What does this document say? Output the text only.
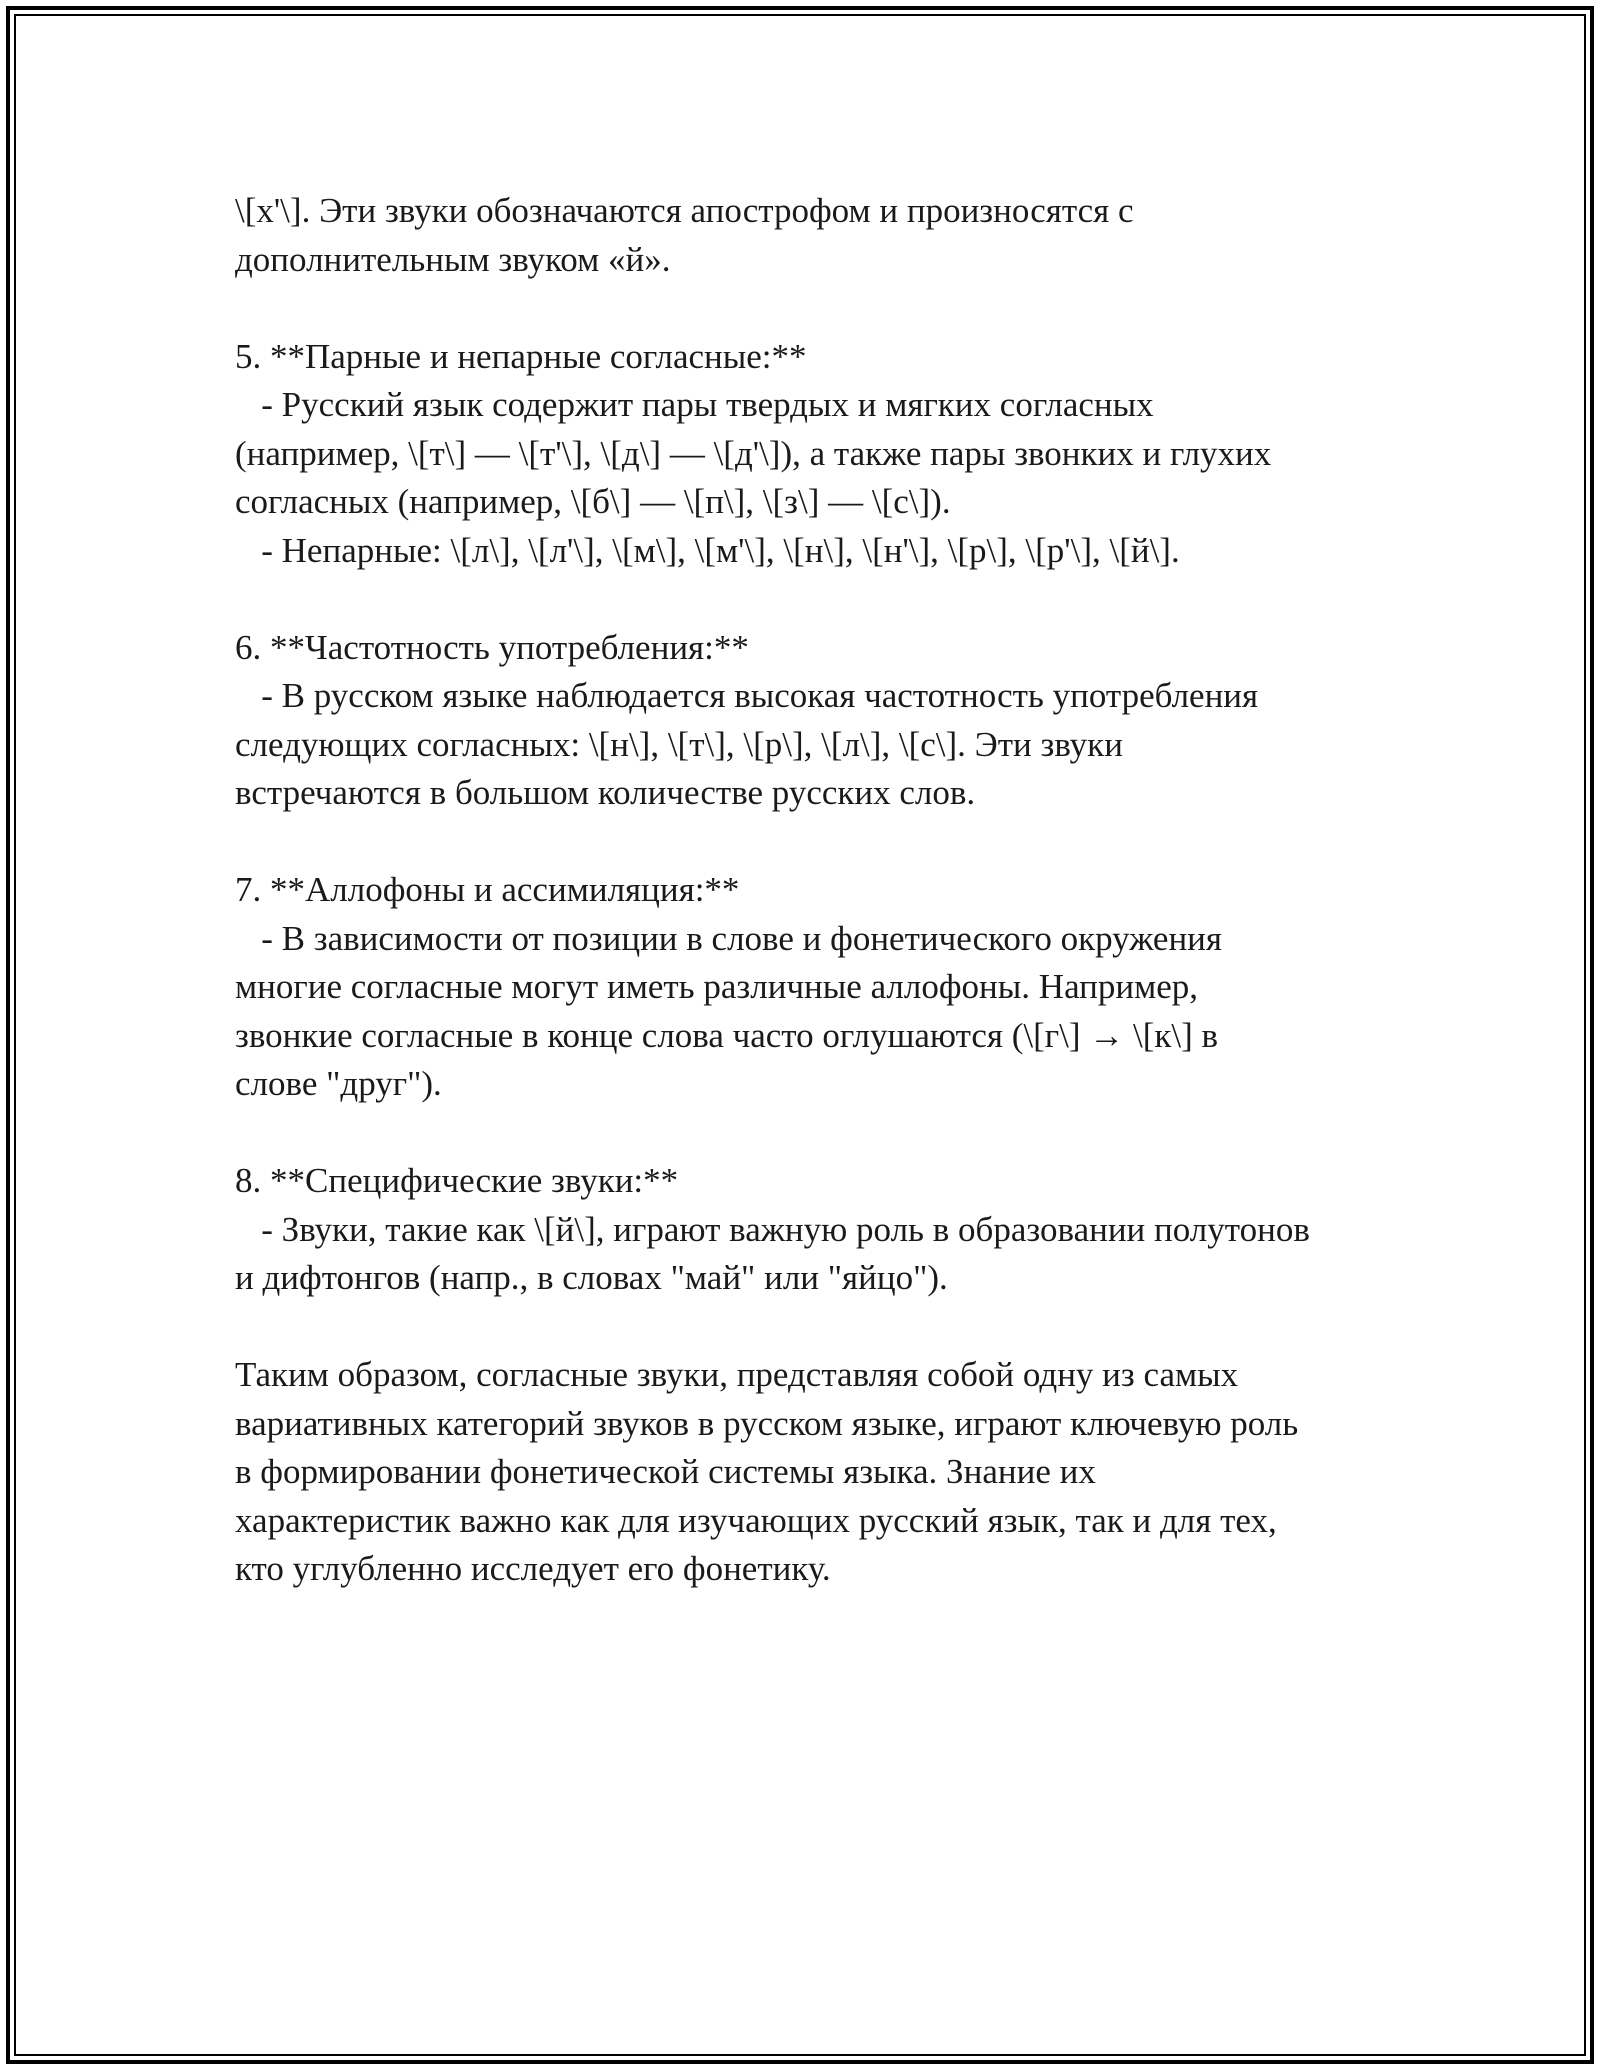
\[х'\]. Эти звуки обозначаются апострофом и произносятся с
дополнительным звуком «й».
5. **Парные и непарные согласные:**
- Русский язык содержит пары твердых и мягких согласных
(например, \[т\] — \[т'\], \[д\] — \[д'\]), а также пары звонких и глухих
согласных (например, \[б\] — \[п\], \[з\] — \[с\]).
- Непарные: \[л\], \[л'\], \[м\], \[м'\], \[н\], \[н'\], \[р\], \[р'\], \[й\].
6. **Частотность употребления:**
- В русском языке наблюдается высокая частотность употребления
следующих согласных: \[н\], \[т\], \[р\], \[л\], \[с\]. Эти звуки
встречаются в большом количестве русских слов.
7. **Аллофоны и ассимиляция:**
- В зависимости от позиции в слове и фонетического окружения
многие согласные могут иметь различные аллофоны. Например,
звонкие согласные в конце слова часто оглушаются (\[г\] → \[к\] в
слове "друг").
8. **Специфические звуки:**
- Звуки, такие как \[й\], играют важную роль в образовании полутонов
и дифтонгов (напр., в словах "май" или "яйцо").
Таким образом, согласные звуки, представляя собой одну из самых
вариативных категорий звуков в русском языке, играют ключевую роль
в формировании фонетической системы языка. Знание их
характеристик важно как для изучающих русский язык, так и для тех,
кто углубленно исследует его фонетику.
